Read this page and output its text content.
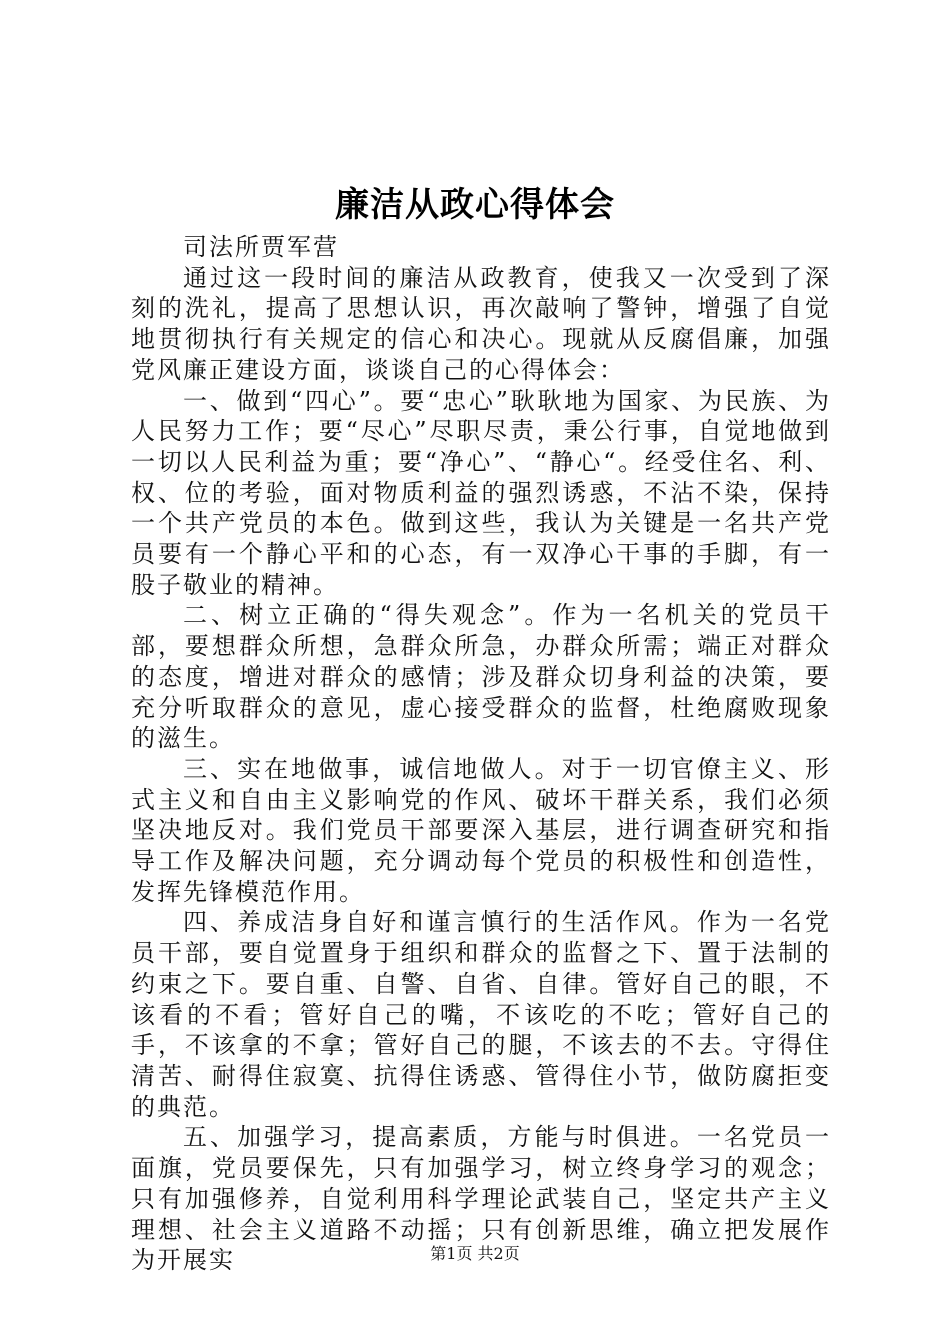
廉洁从政心得体会

司法所贾军营

通过这一段时间的廉洁从政教育，使我又一次受到了深刻的洗礼，提高了思想认识，再次敲响了警钟，增强了自觉地贯彻执行有关规定的信心和决心。现就从反腐倡廉，加强党风廉正建设方面，谈谈自己的心得体会：

一、做到“四心”。要“忠心”耿耿地为国家、为民族、为人民努力工作；要“尽心”尽职尽责，秉公行事，自觉地做到一切以人民利益为重；要“净心”、“静心“。经受住名、利、权、位的考验，面对物质利益的强烈诱惑，不沾不染，保持一个共产党员的本色。做到这些，我认为关键是一名共产党员要有一个静心平和的心态，有一双净心干事的手脚，有一股子敬业的精神。

二、树立正确的“得失观念”。作为一名机关的党员干部，要想群众所想，急群众所急，办群众所需；端正对群众的态度，增进对群众的感情；涉及群众切身利益的决策，要充分听取群众的意见，虚心接受群众的监督，杜绝腐败现象的滋生。

三、实在地做事，诚信地做人。对于一切官僚主义、形式主义和自由主义影响党的作风、破坏干群关系，我们必须坚决地反对。我们党员干部要深入基层，进行调查研究和指导工作及解决问题，充分调动每个党员的积极性和创造性，发挥先锋模范作用。

四、养成洁身自好和谨言慎行的生活作风。作为一名党员干部，要自觉置身于组织和群众的监督之下、置于法制的约束之下。要自重、自警、自省、自律。管好自己的眼，不该看的不看；管好自己的嘴，不该吃的不吃；管好自己的手，不该拿的不拿；管好自己的腿，不该去的不去。守得住清苦、耐得住寂寞、抗得住诱惑、管得住小节，做防腐拒变的典范。

五、加强学习，提高素质，方能与时俱进。一名党员一面旗，党员要保先，只有加强学习，树立终身学习的观念；只有加强修养，自觉利用科学理论武装自己，坚定共产主义理想、社会主义道路不动摇；只有创新思维，确立把发展作为开展实	第1页 共2页
